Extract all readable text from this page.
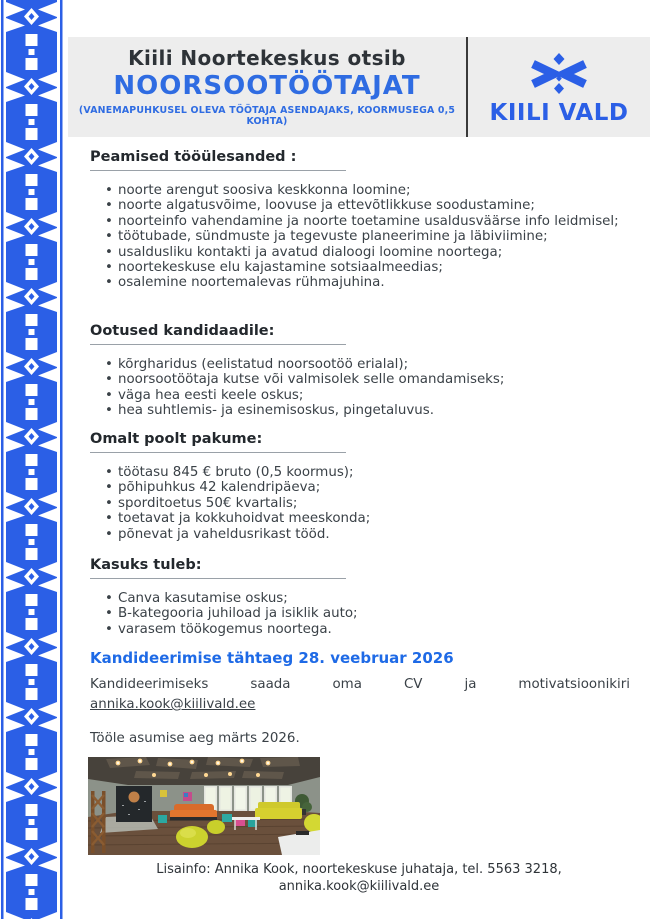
Kiili Noortekeskus otsib
NOORSOOTÖÖTAJAT
(VANEMAPUHKUSEL OLEVA TÖÖTAJA ASENDAJAKS, KOORMUSEGA 0,5 KOHTA)	KIILI VALD
Peamised tööülesanded :
• noorte arengut soosiva keskkonna loomine;
• noorte algatusvõime, loovuse ja ettevõtlikkuse soodustamine;
• noorteinfo vahendamine ja noorte toetamine usaldusväärse info leidmisel;
• töötubade, sündmuste ja tegevuste planeerimine ja läbiviimine;
• usaldusliku kontakti ja avatud dialoogi loomine noortega;
• noortekeskuse elu kajastamine sotsiaalmeedias;
• osalemine noortemalevas rühmajuhina.
Ootused kandidaadile:
• kõrgharidus (eelistatud noorsootöö erialal);
• noorsootöötaja kutse või valmisolek selle omandamiseks;
• väga hea eesti keele oskus;
• hea suhtlemis- ja esinemisoskus, pingetaluvus.
Omalt poolt pakume:
• töötasu 845 € bruto (0,5 koormus);
• põhipuhkus 42 kalendripäeva;
• sporditoetus 50€ kvartalis;
• toetavat ja kokkuhoidvat meeskonda;
• põnevat ja vaheldusrikast tööd.
Kasuks tuleb:
• Canva kasutamise oskus;
• B-kategooria juhiload ja isiklik auto;
• varasem töökogemus noortega.
Kandideerimise tähtaeg 28. veebruar 2026
Kandideerimiseks saada oma CV ja motivatsioonikiri
annika.kook@kiilivald.ee
Tööle asumise aeg märts 2026.
Lisainfo: Annika Kook, noortekeskuse juhataja, tel. 5563 3218,
annika.kook@kiilivald.ee
